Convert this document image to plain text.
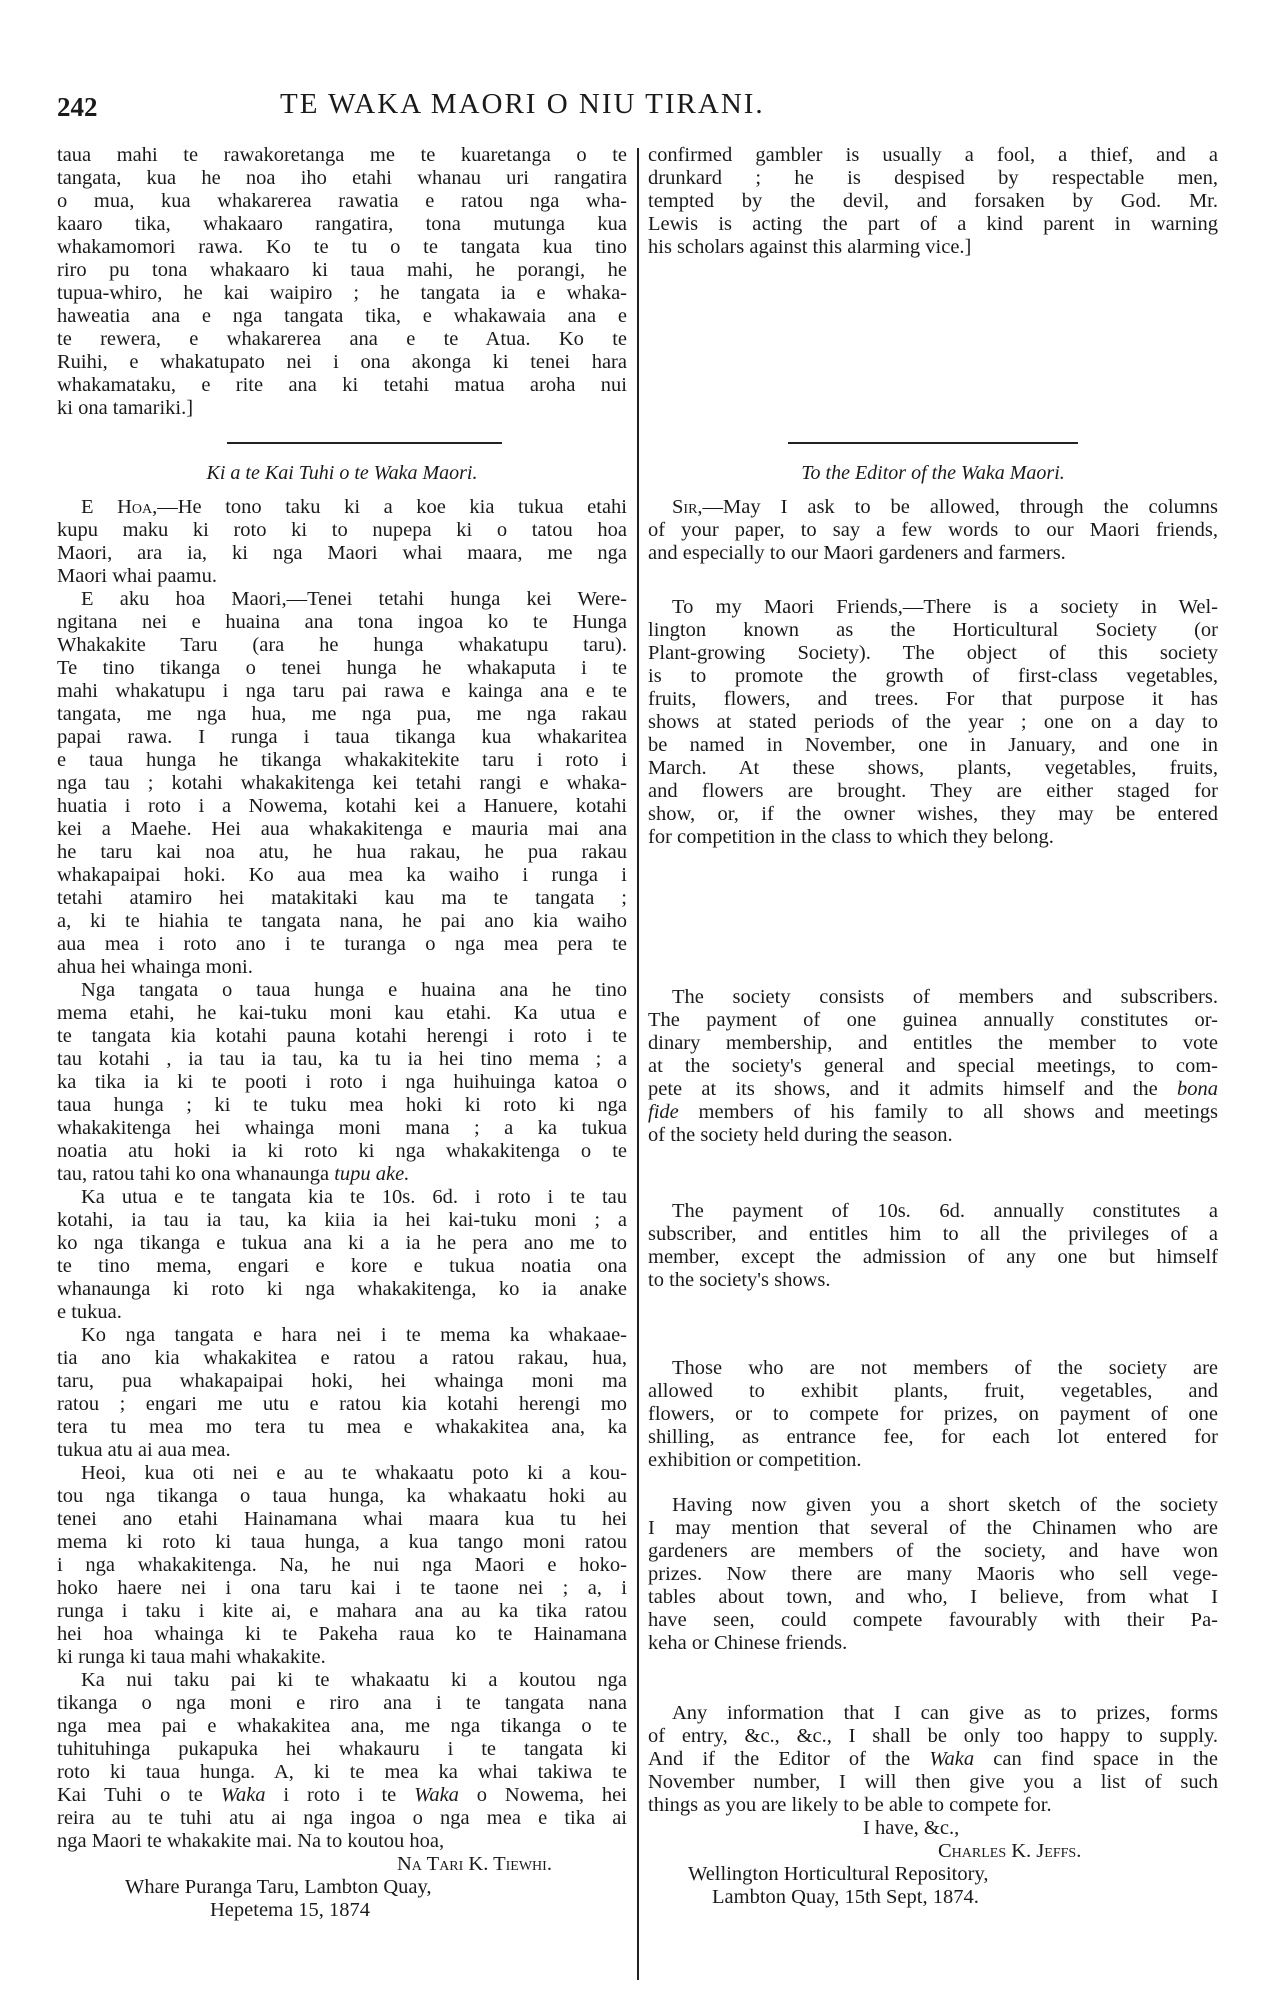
242	TE WAKA MAORI O NIU TIRANI.
taua mahi te rawakoretanga me te kuaretanga o te
tangata, kua he noa iho etahi whanau uri rangatira
o mua, kua whakarerea rawatia e ratou nga wha-
kaaro tika, whakaaro rangatira, tona mutunga kua
whakamomori rawa. Ko te tu o te tangata kua tino
riro pu tona whakaaro ki taua mahi, he porangi, he
tupua-whiro, he kai waipiro ; he tangata ia e whaka-
haweatia ana e nga tangata tika, e whakawaia ana e
te rewera, e whakarerea ana e te Atua. Ko te
Ruihi, e whakatupato nei i ona akonga ki tenei hara
whakamataku, e rite ana ki tetahi matua aroha nui
ki ona tamariki.]
Ki a te Kai Tuhi o te Waka Maori.
E Hoa,—He tono taku ki a koe kia tukua etahi
kupu maku ki roto ki to nupepa ki o tatou hoa
Maori, ara ia, ki nga Maori whai maara, me nga
Maori whai paamu.
E aku hoa Maori,—Tenei tetahi hunga kei Were-
ngitana nei e huaina ana tona ingoa ko te Hunga
Whakakite Taru (ara he hunga whakatupu taru).
Te tino tikanga o tenei hunga he whakaputa i te
mahi whakatupu i nga taru pai rawa e kainga ana e te
tangata, me nga hua, me nga pua, me nga rakau
papai rawa. I runga i taua tikanga kua whakaritea
e taua hunga he tikanga whakakitekite taru i roto i
nga tau ; kotahi whakakitenga kei tetahi rangi e whaka-
huatia i roto i a Nowema, kotahi kei a Hanuere, kotahi
kei a Maehe. Hei aua whakakitenga e mauria mai ana
he taru kai noa atu, he hua rakau, he pua rakau
whakapaipai hoki. Ko aua mea ka waiho i runga i
tetahi atamiro hei matakitaki kau ma te tangata ;
a, ki te hiahia te tangata nana, he pai ano kia waiho
aua mea i roto ano i te turanga o nga mea pera te
ahua hei whainga moni.
Nga tangata o taua hunga e huaina ana he tino
mema etahi, he kai-tuku moni kau etahi. Ka utua e
te tangata kia kotahi pauna kotahi herengi i roto i te
tau kotahi , ia tau ia tau, ka tu ia hei tino mema ; a
ka tika ia ki te pooti i roto i nga huihuinga katoa o
taua hunga ; ki te tuku mea hoki ki roto ki nga
whakakitenga hei whainga moni mana ; a ka tukua
noatia atu hoki ia ki roto ki nga whakakitenga o te
tau, ratou tahi ko ona whanaunga tupu ake.
Ka utua e te tangata kia te 10s. 6d. i roto i te tau
kotahi, ia tau ia tau, ka kiia ia hei kai-tuku moni ; a
ko nga tikanga e tukua ana ki a ia he pera ano me to
te tino mema, engari e kore e tukua noatia ona
whanaunga ki roto ki nga whakakitenga, ko ia anake
e tukua.
Ko nga tangata e hara nei i te mema ka whakaae-
tia ano kia whakakitea e ratou a ratou rakau, hua,
taru, pua whakapaipai hoki, hei whainga moni ma
ratou ; engari me utu e ratou kia kotahi herengi mo
tera tu mea mo tera tu mea e whakakitea ana, ka
tukua atu ai aua mea.
Heoi, kua oti nei e au te whakaatu poto ki a kou-
tou nga tikanga o taua hunga, ka whakaatu hoki au
tenei ano etahi Hainamana whai maara kua tu hei
mema ki roto ki taua hunga, a kua tango moni ratou
i nga whakakitenga. Na, he nui nga Maori e hoko-
hoko haere nei i ona taru kai i te taone nei ; a, i
runga i taku i kite ai, e mahara ana au ka tika ratou
hei hoa whainga ki te Pakeha raua ko te Hainamana
ki runga ki taua mahi whakakite.
Ka nui taku pai ki te whakaatu ki a koutou nga
tikanga o nga moni e riro ana i te tangata nana
nga mea pai e whakakitea ana, me nga tikanga o te
tuhituhinga pukapuka hei whakauru i te tangata ki
roto ki taua hunga. A, ki te mea ka whai takiwa te
Kai Tuhi o te Waka i roto i te Waka o Nowema, hei
reira au te tuhi atu ai nga ingoa o nga mea e tika ai
nga Maori te whakakite mai. Na to koutou hoa,
Na Tari K. Tiewhi.
Whare Puranga Taru, Lambton Quay,
Hepetema 15, 1874
confirmed gambler is usually a fool, a thief, and a
drunkard ; he is despised by respectable men,
tempted by the devil, and forsaken by God. Mr.
Lewis is acting the part of a kind parent in warning
his scholars against this alarming vice.]
To the Editor of the Waka Maori.
Sir,—May I ask to be allowed, through the columns
of your paper, to say a few words to our Maori friends,
and especially to our Maori gardeners and farmers.
To my Maori Friends,—There is a society in Wel-
lington known as the Horticultural Society (or
Plant-growing Society). The object of this society
is to promote the growth of first-class vegetables,
fruits, flowers, and trees. For that purpose it has
shows at stated periods of the year ; one on a day to
be named in November, one in January, and one in
March. At these shows, plants, vegetables, fruits,
and flowers are brought. They are either staged for
show, or, if the owner wishes, they may be entered
for competition in the class to which they belong.
The society consists of members and subscribers.
The payment of one guinea annually constitutes or-
dinary membership, and entitles the member to vote
at the society's general and special meetings, to com-
pete at its shows, and it admits himself and the bona
fide members of his family to all shows and meetings
of the society held during the season.
The payment of 10s. 6d. annually constitutes a
subscriber, and entitles him to all the privileges of a
member, except the admission of any one but himself
to the society's shows.
Those who are not members of the society are
allowed to exhibit plants, fruit, vegetables, and
flowers, or to compete for prizes, on payment of one
shilling, as entrance fee, for each lot entered for
exhibition or competition.
Having now given you a short sketch of the society
I may mention that several of the Chinamen who are
gardeners are members of the society, and have won
prizes. Now there are many Maoris who sell vege-
tables about town, and who, I believe, from what I
have seen, could compete favourably with their Pa-
keha or Chinese friends.
Any information that I can give as to prizes, forms
of entry, &c., &c., I shall be only too happy to supply.
And if the Editor of the Waka can find space in the
November number, I will then give you a list of such
things as you are likely to be able to compete for.
I have, &c.,
Charles K. Jeffs.
Wellington Horticultural Repository,
Lambton Quay, 15th Sept, 1874.
